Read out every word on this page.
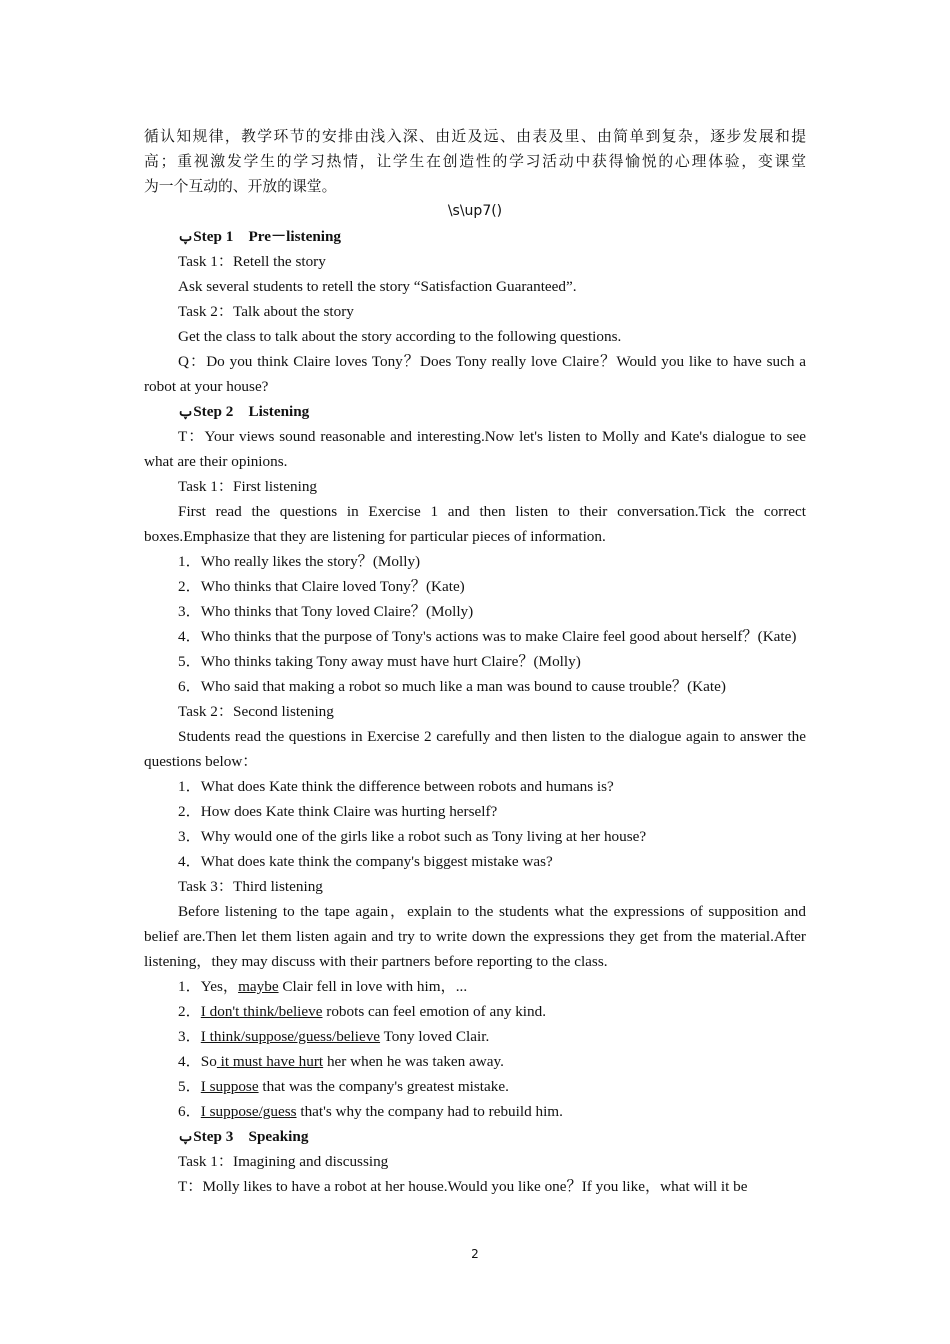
循认知规律，教学环节的安排由浅入深、由近及远、由表及里、由简单到复杂，逐步发展和提

高；重视激发学生的学习热情，让学生在创造性的学习活动中获得愉悦的心理体验，变课堂

为一个互动的、开放的课堂。

\s\up7()

ࢠStep 1　Pre－listening

Task 1：Retell the story

Ask several students to retell the story “Satisfaction Guaranteed”.

Task 2：Talk about the story

Get the class to talk about the story according to the following questions.

Q：Do you think Claire loves Tony？Does Tony really love Claire？Would you like to have such a robot at your house?

ࢠStep 2　Listening

T：Your views sound reasonable and interesting.Now let's listen to Molly and Kate's dialogue to see what are their opinions.

Task 1：First listening

First read the questions in Exercise 1 and then listen to their conversation.Tick the correct boxes.Emphasize that they are listening for particular pieces of information.

1．Who really likes the story？(Molly)

2．Who thinks that Claire loved Tony？(Kate)

3．Who thinks that Tony loved Claire？(Molly)

4．Who thinks that the purpose of Tony's actions was to make Claire feel good about herself？(Kate)

5．Who thinks taking Tony away must have hurt Claire？(Molly)

6．Who said that making a robot so much like a man was bound to cause trouble？(Kate)

Task 2：Second listening

Students read the questions in Exercise 2 carefully and then listen to the dialogue again to answer the questions below：

1．What does Kate think the difference between robots and humans is?

2．How does Kate think Claire was hurting herself?

3．Why would one of the girls like a robot such as Tony living at her house?

4．What does kate think the company's biggest mistake was?

Task 3：Third listening

Before listening to the tape again，explain to the students what the expressions of supposition and belief are.Then let them listen again and try to write down the expressions they get from the material.After listening，they may discuss with their partners before reporting to the class.

1．Yes，maybe Clair fell in love with him，...

2．I don't think/believe robots can feel emotion of any kind.

3．I think/suppose/guess/believe Tony loved Clair.

4．So it must have hurt her when he was taken away.

5．I suppose that was the company's greatest mistake.

6．I suppose/guess that's why the company had to rebuild him.

ࢠStep 3　Speaking

Task 1：Imagining and discussing

T：Molly likes to have a robot at her house.Would you like one？If you like，what will it be

2
